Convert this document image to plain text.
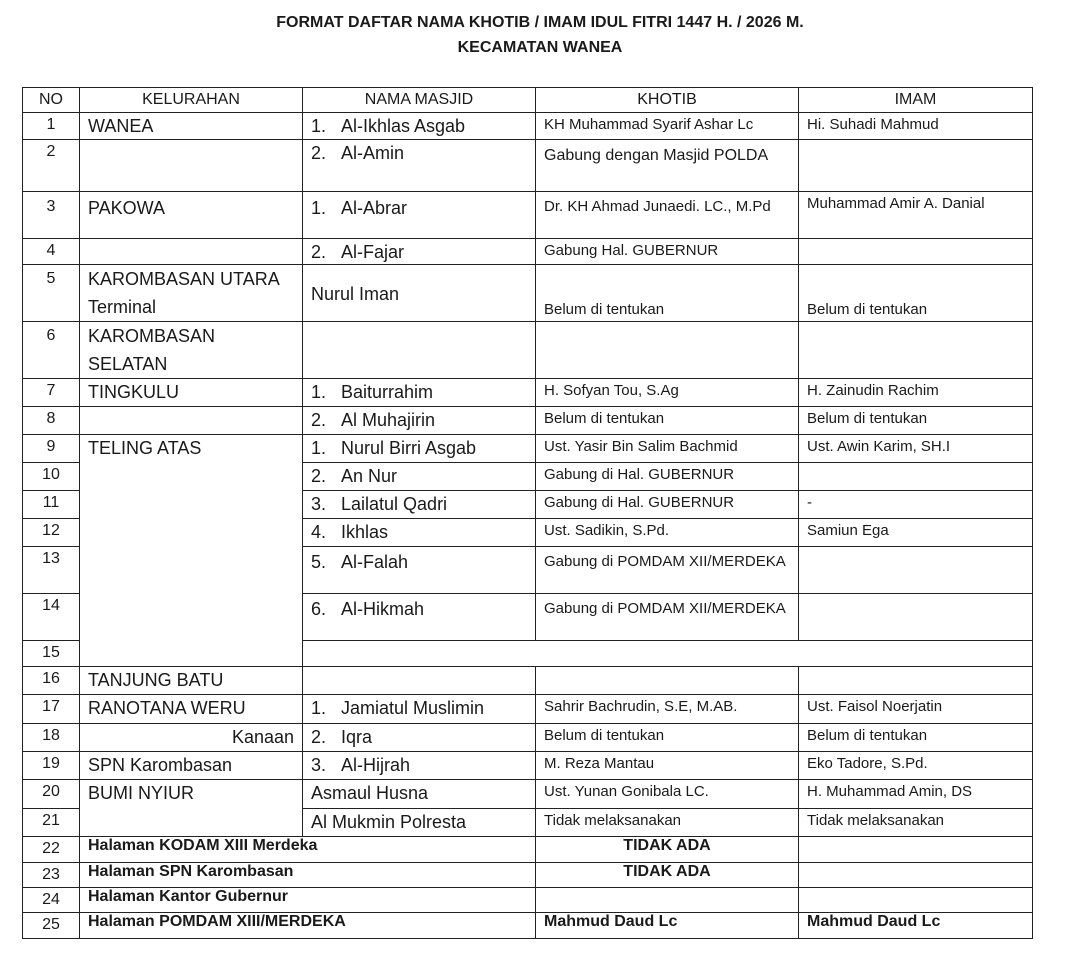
FORMAT DAFTAR NAMA KHOTIB / IMAM IDUL FITRI 1447 H. / 2026 M.
KECAMATAN WANEA
NO	KELURAHAN	NAMA MASJID	KHOTIB	IMAM
1	WANEA	1. Al-Ikhlas Asgab	KH Muhammad Syarif Ashar Lc	Hi. Suhadi Mahmud
2		2. Al-Amin	Gabung dengan Masjid POLDA	
3	PAKOWA	1. Al-Abrar	Dr. KH Ahmad Junaedi. LC., M.Pd	Muhammad Amir A. Danial
4		2. Al-Fajar	Gabung Hal. GUBERNUR	
5	KAROMBASAN UTARA Terminal	Nurul Iman	Belum di tentukan	Belum di tentukan
6	KAROMBASAN SELATAN			
7	TINGKULU	1. Baiturrahim	H. Sofyan Tou, S.Ag	H. Zainudin Rachim
8		2. Al Muhajirin	Belum di tentukan	Belum di tentukan
9	TELING ATAS	1. Nurul Birri Asgab	Ust. Yasir Bin Salim Bachmid	Ust. Awin Karim, SH.I
10		2. An Nur	Gabung di Hal. GUBERNUR	
11		3. Lailatul Qadri	Gabung di Hal. GUBERNUR	-
12		4. Ikhlas	Ust. Sadikin, S.Pd.	Samiun Ega
13		5. Al-Falah	Gabung di POMDAM XII/MERDEKA	
14		6. Al-Hikmah	Gabung di POMDAM XII/MERDEKA	
15				
16	TANJUNG BATU			
17	RANOTANA WERU	1. Jamiatul Muslimin	Sahrir Bachrudin, S.E, M.AB.	Ust. Faisol Noerjatin
18	Kanaan	2. Iqra	Belum di tentukan	Belum di tentukan
19	SPN Karombasan	3. Al-Hijrah	M. Reza Mantau	Eko Tadore, S.Pd.
20	BUMI NYIUR	Asmaul Husna	Ust. Yunan Gonibala LC.	H. Muhammad Amin, DS
21		Al Mukmin Polresta	Tidak melaksanakan	Tidak melaksanakan
22	Halaman KODAM XIII Merdeka		TIDAK ADA	
23	Halaman SPN Karombasan		TIDAK ADA	
24	Halaman Kantor Gubernur			
25	Halaman POMDAM XIII/MERDEKA		Mahmud Daud Lc	Mahmud Daud Lc
